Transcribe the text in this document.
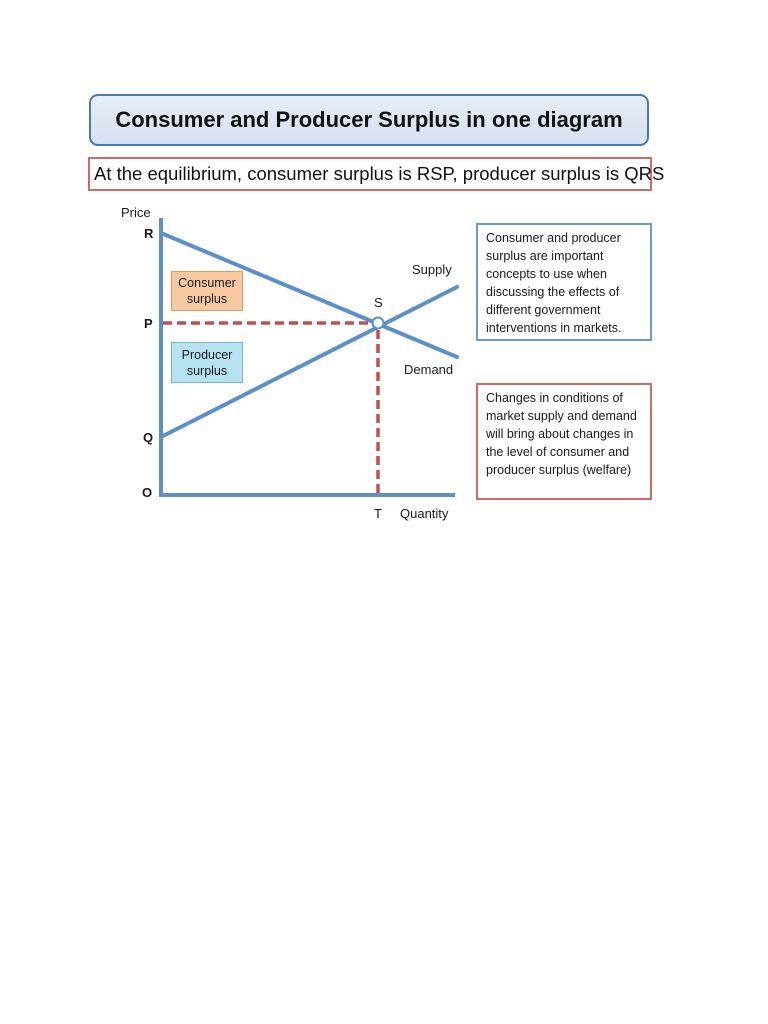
Consumer and Producer Surplus in one diagram
At the equilibrium, consumer surplus is RSP, producer surplus is QRS
Price
R
P
Q
O
S
T Quantity
Supply
Demand
Consumer
surplus
Producer
surplus
Consumer and producer surplus are important concepts to use when discussing the effects of different government interventions in markets.
Changes in conditions of market supply and demand will bring about changes in the level of consumer and producer surplus (welfare)
